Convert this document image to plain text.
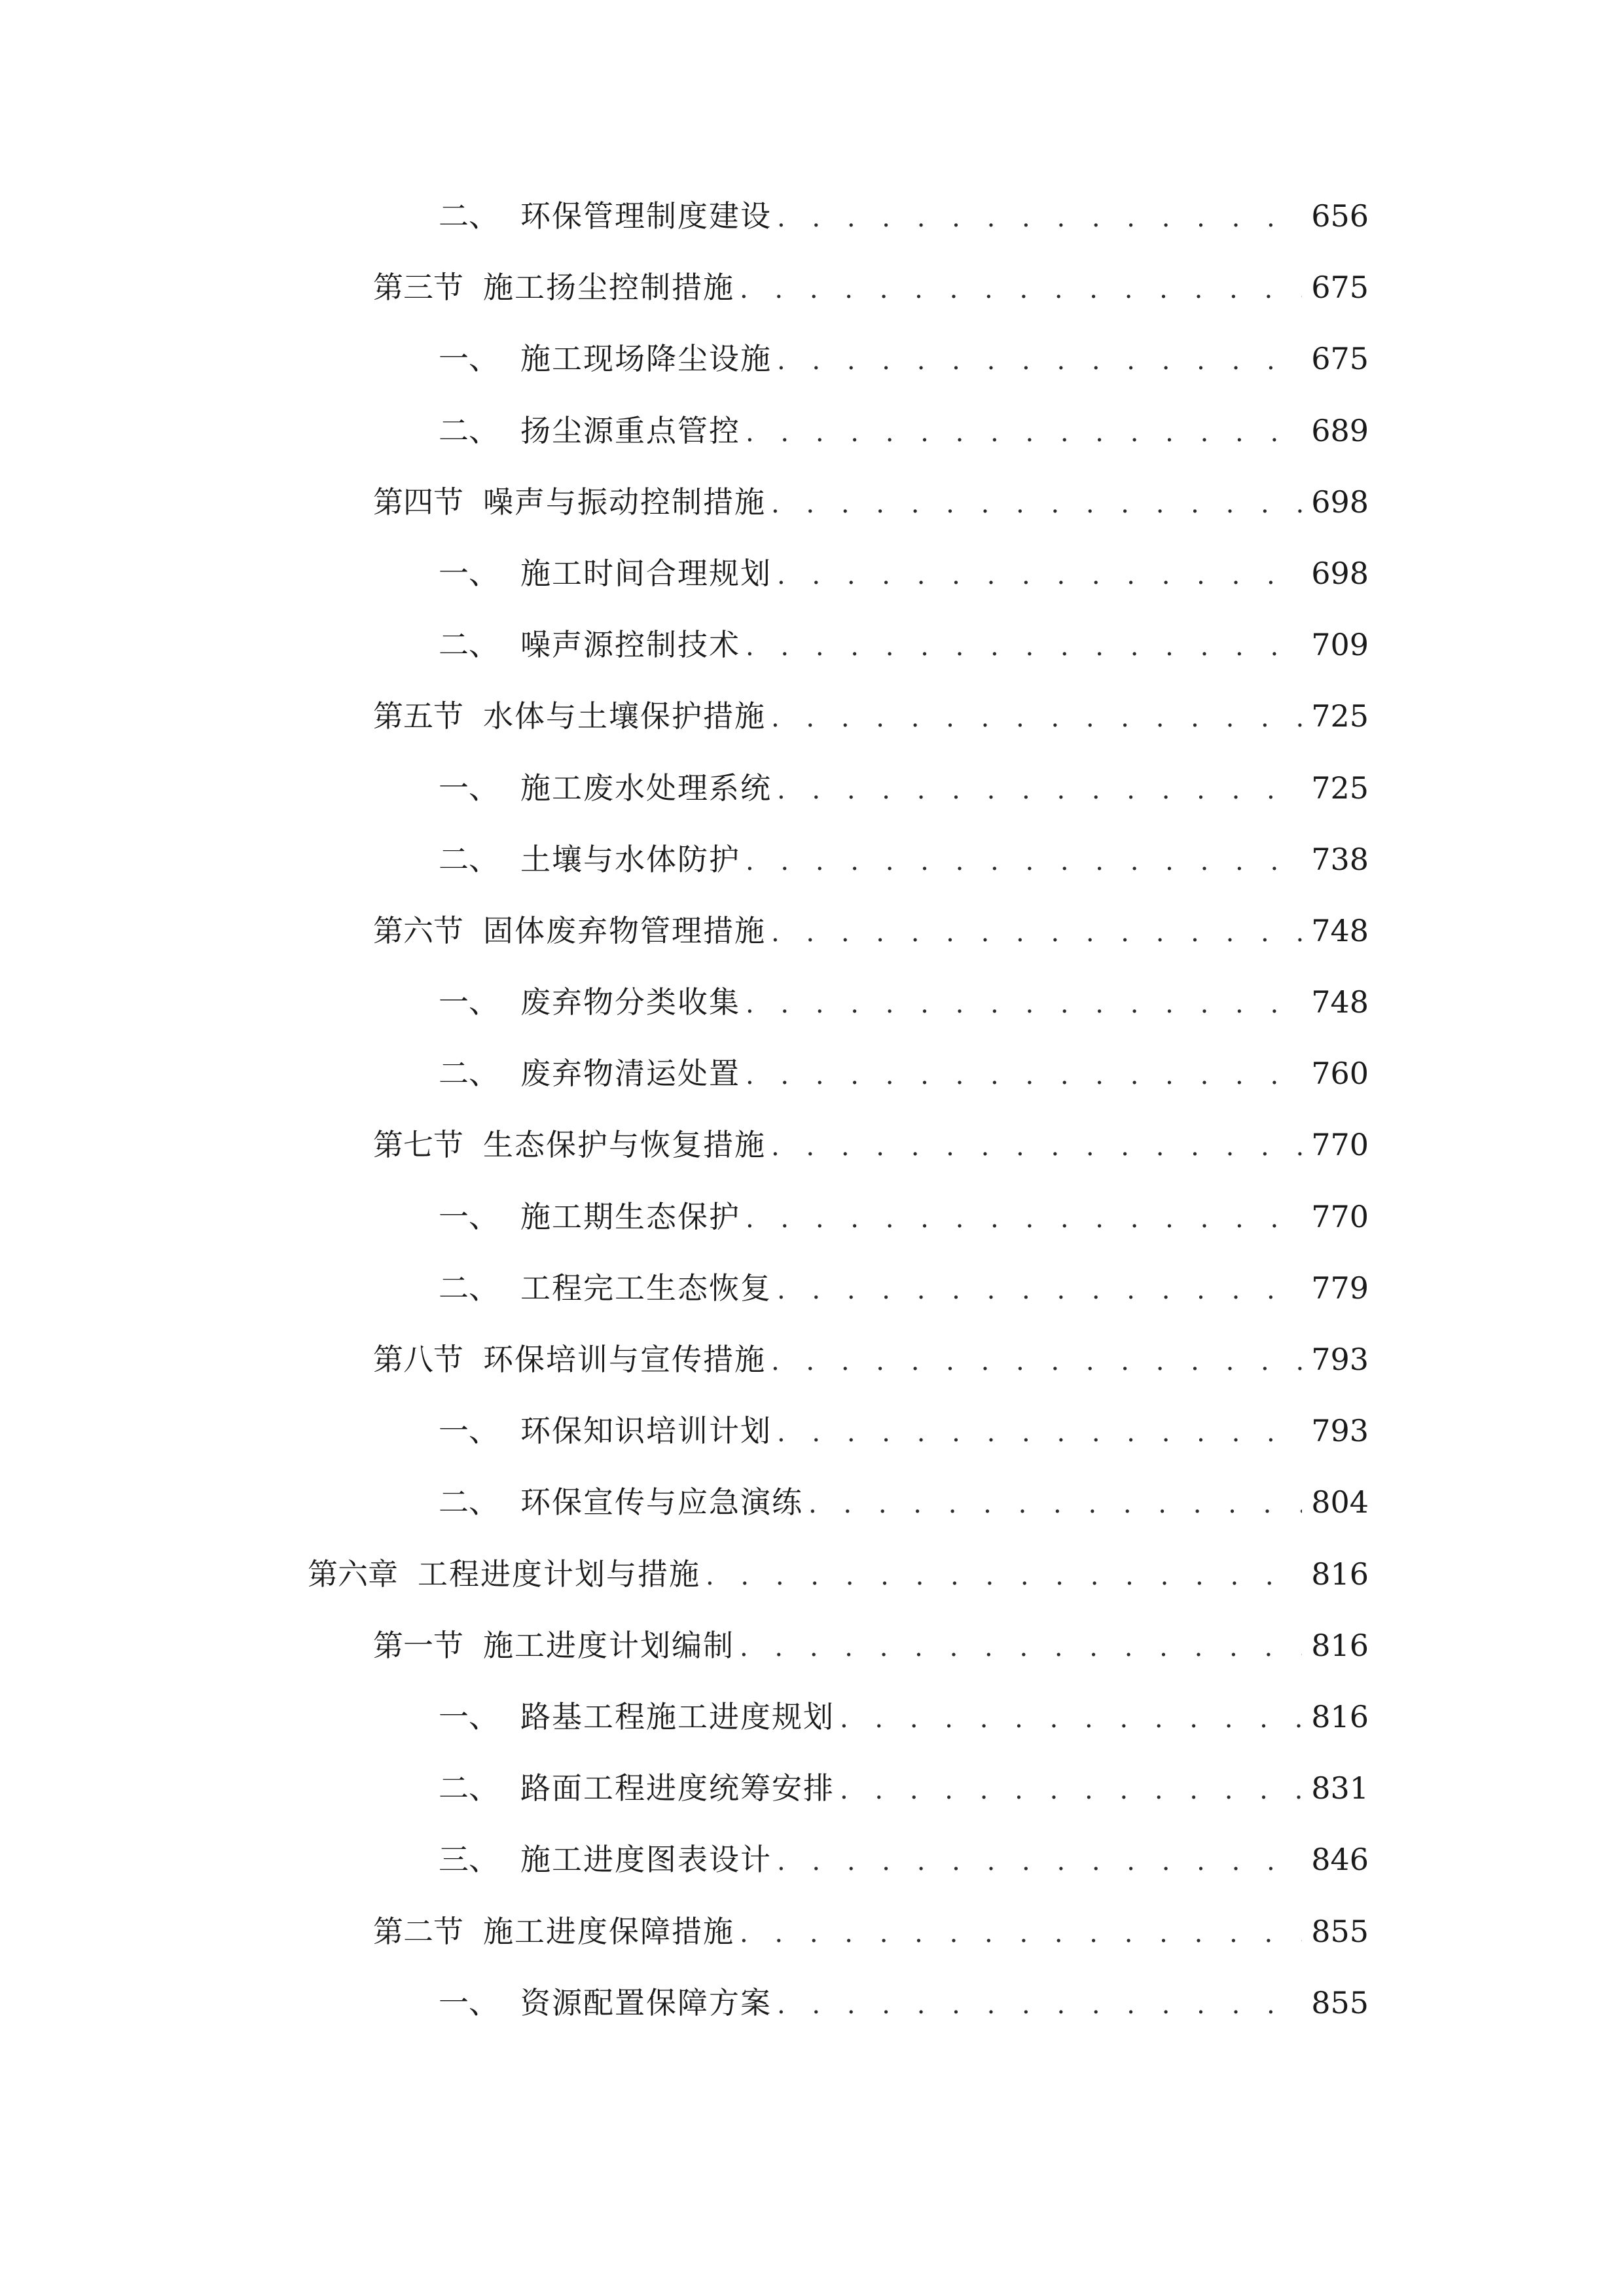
二、 环保管理制度建设 . . .	656
第三节 施工扬尘控制措施 . . .	675
一、 施工现场降尘设施 . . .	675
二、 扬尘源重点管控 . . .	689
第四节 噪声与振动控制措施 . . .	698
一、 施工时间合理规划 . . .	698
二、 噪声源控制技术 . . .	709
第五节 水体与土壤保护措施 . . .	725
一、 施工废水处理系统 . . .	725
二、 土壤与水体防护 . . .	738
第六节 固体废弃物管理措施 . . .	748
一、 废弃物分类收集 . . .	748
二、 废弃物清运处置 . . .	760
第七节 生态保护与恢复措施 . . .	770
一、 施工期生态保护 . . .	770
二、 工程完工生态恢复 . . .	779
第八节 环保培训与宣传措施 . . .	793
一、 环保知识培训计划 . . .	793
二、 环保宣传与应急演练 . . .	804
第六章 工程进度计划与措施 . . .	816
第一节 施工进度计划编制 . . .	816
一、 路基工程施工进度规划 . . .	816
二、 路面工程进度统筹安排 . . .	831
三、 施工进度图表设计 . . .	846
第二节 施工进度保障措施 . . .	855
一、 资源配置保障方案 . . .	855
